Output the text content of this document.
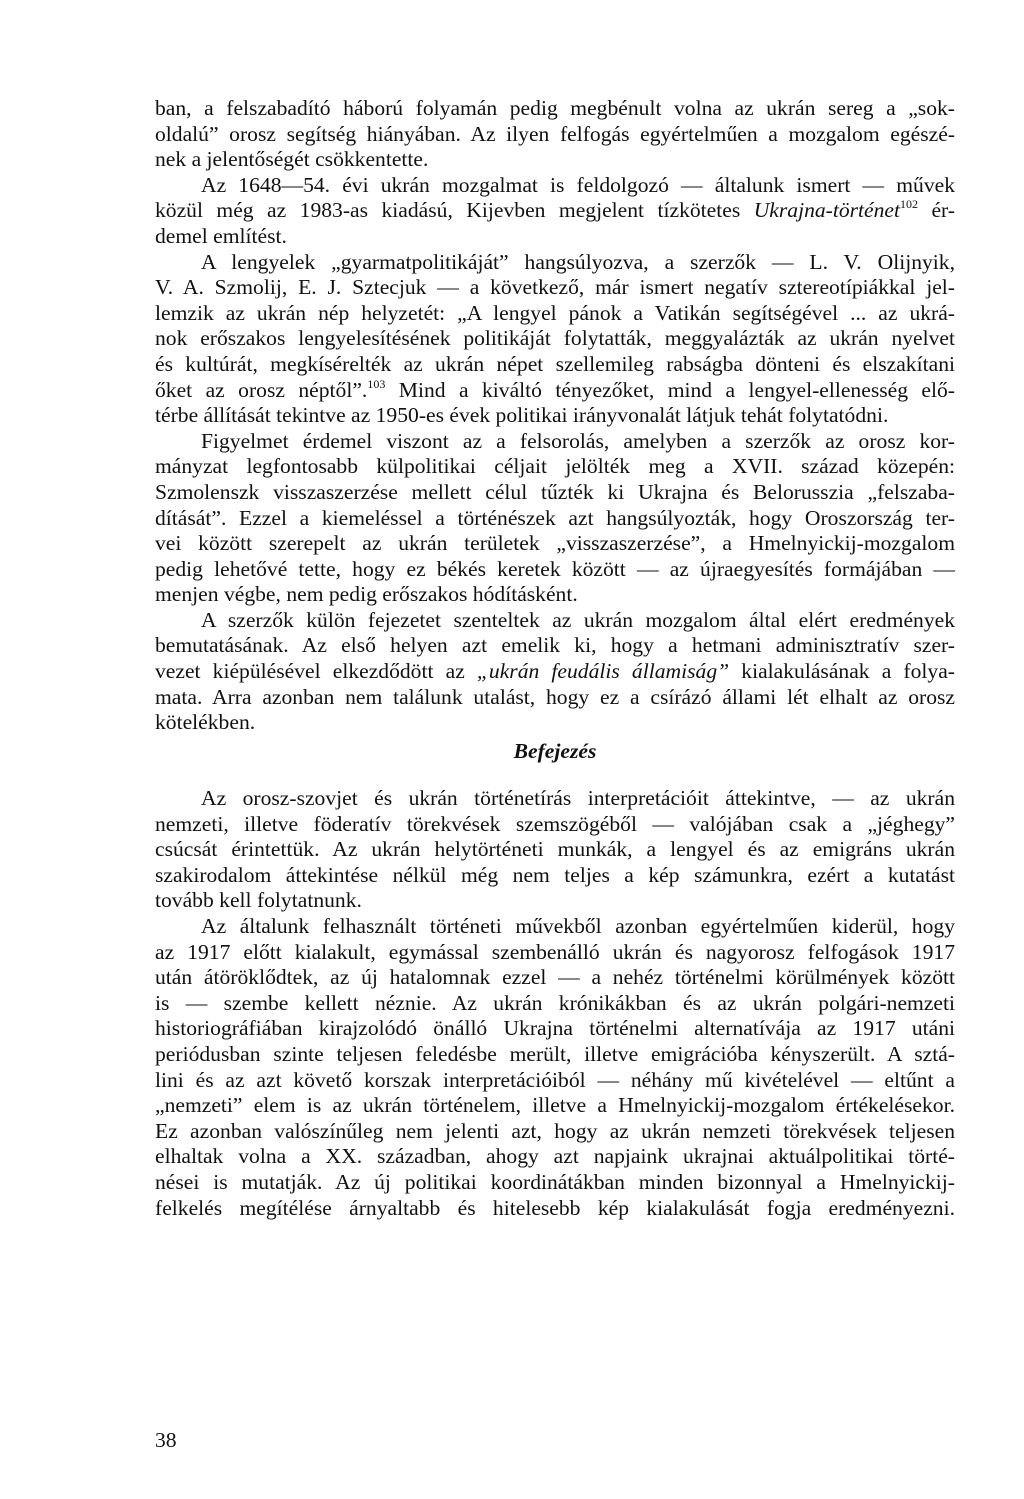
ban, a felszabadító háború folyamán pedig megbénult volna az ukrán sereg a „sok-

oldalú” orosz segítség hiányában. Az ilyen felfogás egyértelműen a mozgalom egészé-

nek a jelentőségét csökkentette.

Az 1648—54. évi ukrán mozgalmat is feldolgozó — általunk ismert — művek

közül még az 1983-as kiadású, Kijevben megjelent tízkötetes Ukrajna-történet$^{102}$ ér-

demel említést.

A lengyelek „gyarmatpolitikáját” hangsúlyozva, a szerzők — L. V. Olijnyik,

V. A. Szmolij, E. J. Sztecjuk — a következő, már ismert negatív sztereotípiákkal jel-

lemzik az ukrán nép helyzetét: „A lengyel pánok a Vatikán segítségével ... az ukrá-

nok erőszakos lengyelesítésének politikáját folytatták, meggyalázták az ukrán nyelvet

és kultúrát, megkísérelték az ukrán népet szellemileg rabságba dönteni és elszakítani

őket az orosz néptől”.$^{103}$ Mind a kiváltó tényezőket, mind a lengyel-ellenesség elő-

térbe állítását tekintve az 1950-es évek politikai irányvonalát látjuk tehát folytatódni.

Figyelmet érdemel viszont az a felsorolás, amelyben a szerzők az orosz kor-

mányzat legfontosabb külpolitikai céljait jelölték meg a XVII. század közepén:

Szmolenszk visszaszerzése mellett célul tűzték ki Ukrajna és Belorusszia „felszaba-

dítását”. Ezzel a kiemeléssel a történészek azt hangsúlyozták, hogy Oroszország ter-

vei között szerepelt az ukrán területek „visszaszerzése”, a Hmelnyickij-mozgalom

pedig lehetővé tette, hogy ez békés keretek között — az újraegyesítés formájában —

menjen végbe, nem pedig erőszakos hódításként.

A szerzők külön fejezetet szenteltek az ukrán mozgalom által elért eredmények

bemutatásának. Az első helyen azt emelik ki, hogy a hetmani adminisztratív szer-

vezet kiépülésével elkezdődött az „ukrán feudális államiság” kialakulásának a folya-

mata. Arra azonban nem találunk utalást, hogy ez a csírázó állami lét elhalt az orosz

kötelékben.

Befejezés

Az orosz-szovjet és ukrán történetírás interpretációit áttekintve, — az ukrán

nemzeti, illetve föderatív törekvések szemszögéből — valójában csak a „jéghegy”

csúcsát érintettük. Az ukrán helytörténeti munkák, a lengyel és az emigráns ukrán

szakirodalom áttekintése nélkül még nem teljes a kép számunkra, ezért a kutatást

tovább kell folytatnunk.

Az általunk felhasznált történeti művekből azonban egyértelműen kiderül, hogy

az 1917 előtt kialakult, egymással szembenálló ukrán és nagyorosz felfogások 1917

után átöröklődtek, az új hatalomnak ezzel — a nehéz történelmi körülmények között

is — szembe kellett néznie. Az ukrán krónikákban és az ukrán polgári-nemzeti

historiográfiában kirajzolódó önálló Ukrajna történelmi alternatívája az 1917 utáni

periódusban szinte teljesen feledésbe merült, illetve emigrációba kényszerült. A sztá-

lini és az azt követő korszak interpretációiból — néhány mű kivételével — eltűnt a

„nemzeti” elem is az ukrán történelem, illetve a Hmelnyickij-mozgalom értékelésekor.

Ez azonban valószínűleg nem jelenti azt, hogy az ukrán nemzeti törekvések teljesen

elhaltak volna a XX. században, ahogy azt napjaink ukrajnai aktuálpolitikai törté-

nései is mutatják. Az új politikai koordinátákban minden bizonnyal a Hmelnyickij-

felkelés megítélése árnyaltabb és hitelesebb kép kialakulását fogja eredményezni.

38
